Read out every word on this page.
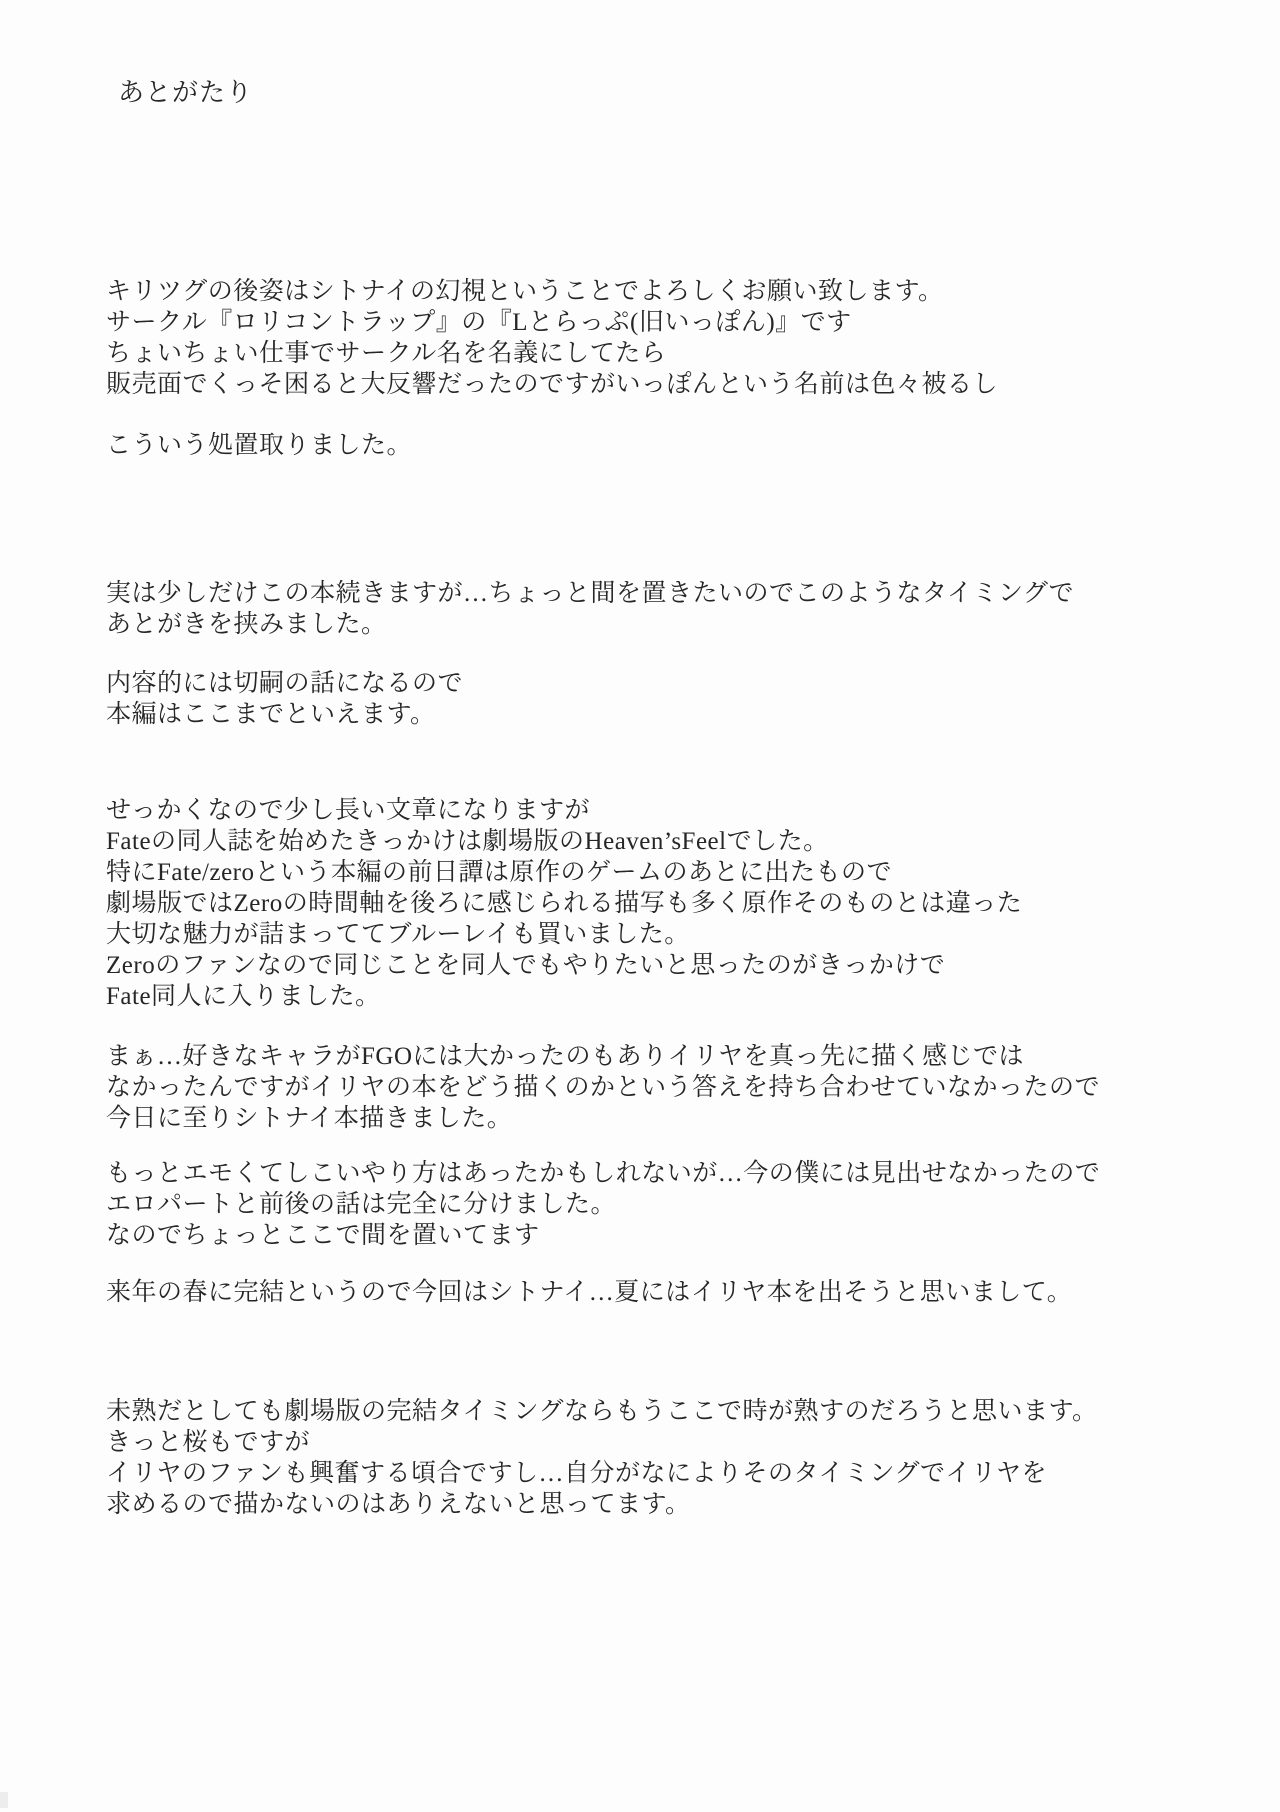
あとがたり
キリツグの後姿はシトナイの幻視ということでよろしくお願い致します。
サークル『ロリコントラップ』の『Lとらっぷ(旧いっぽん)』です
ちょいちょい仕事でサークル名を名義にしてたら
販売面でくっそ困ると大反響だったのですがいっぽんという名前は色々被るし
こういう処置取りました。
実は少しだけこの本続きますが…ちょっと間を置きたいのでこのようなタイミングで
あとがきを挟みました。
内容的には切嗣の話になるので
本編はここまでといえます。
せっかくなので少し長い文章になりますが
Fateの同人誌を始めたきっかけは劇場版のHeaven’sFeelでした。
特にFate/zeroという本編の前日譚は原作のゲームのあとに出たもので
劇場版ではZeroの時間軸を後ろに感じられる描写も多く原作そのものとは違った
大切な魅力が詰まっててブルーレイも買いました。
Zeroのファンなので同じことを同人でもやりたいと思ったのがきっかけで
Fate同人に入りました。
まぁ…好きなキャラがFGOには大かったのもありイリヤを真っ先に描く感じでは
なかったんですがイリヤの本をどう描くのかという答えを持ち合わせていなかったので
今日に至りシトナイ本描きました。
もっとエモくてしこいやり方はあったかもしれないが…今の僕には見出せなかったので
エロパートと前後の話は完全に分けました。
なのでちょっとここで間を置いてます
来年の春に完結というので今回はシトナイ…夏にはイリヤ本を出そうと思いまして。
未熟だとしても劇場版の完結タイミングならもうここで時が熟すのだろうと思います。
きっと桜もですが
イリヤのファンも興奮する頃合ですし…自分がなによりそのタイミングでイリヤを
求めるので描かないのはありえないと思ってます。
